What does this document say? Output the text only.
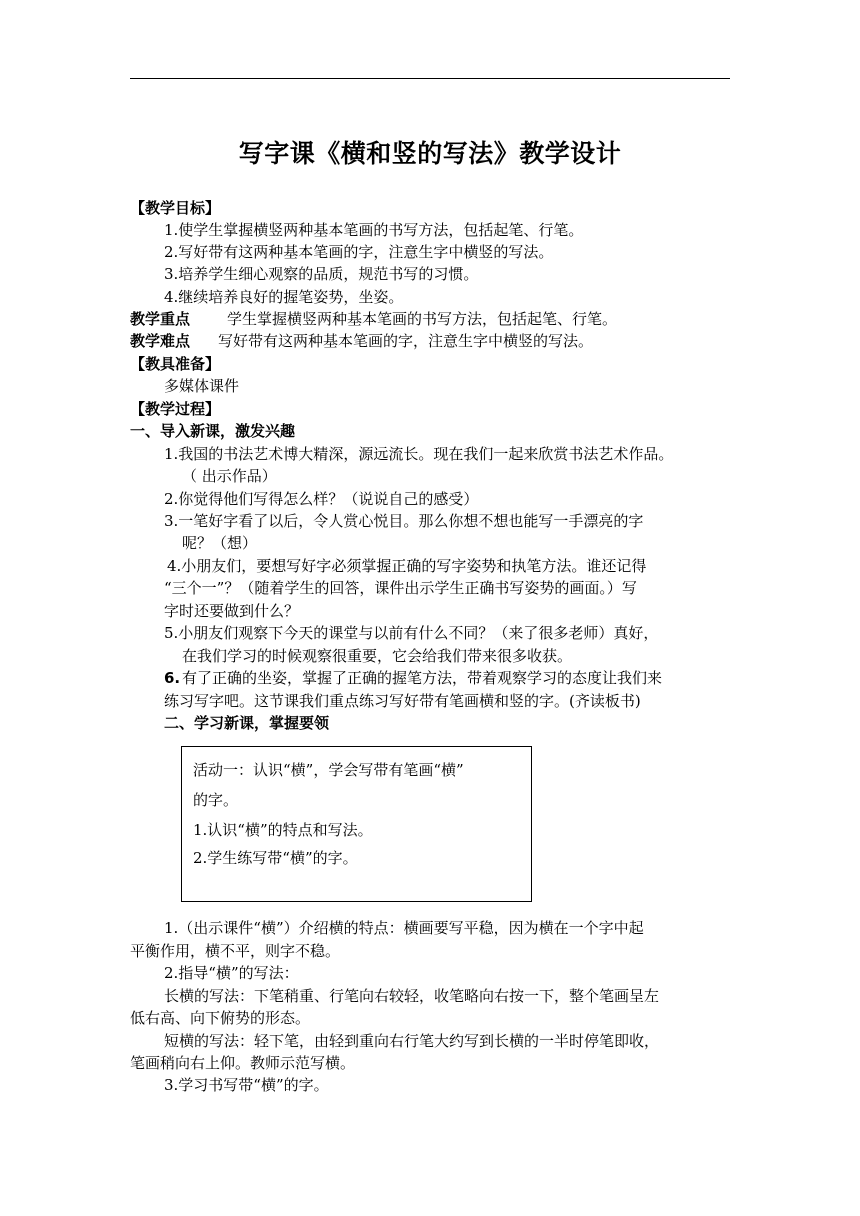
写字课《横和竖的写法》教学设计
【教学目标】
1.使学生掌握横竖两种基本笔画的书写方法，包括起笔、行笔。
2.写好带有这两种基本笔画的字，注意生字中横竖的写法。
3.培养学生细心观察的品质，规范书写的习惯。
4.继续培养良好的握笔姿势，坐姿。
教学重点 学生掌握横竖两种基本笔画的书写方法，包括起笔、行笔。
教学难点 写好带有这两种基本笔画的字，注意生字中横竖的写法。
【教具准备】
多媒体课件
【教学过程】
一、导入新课，激发兴趣
1.我国的书法艺术博大精深，源远流长。现在我们一起来欣赏书法艺术作品。
（ 出示作品）
2.你觉得他们写得怎么样？（说说自己的感受）
3.一笔好字看了以后，令人赏心悦目。那么你想不想也能写一手漂亮的字
呢？（想）
4.小朋友们，要想写好字必须掌握正确的写字姿势和执笔方法。谁还记得
“三个一”？（随着学生的回答，课件出示学生正确书写姿势的画面。）写
字时还要做到什么？
5.小朋友们观察下今天的课堂与以前有什么不同？（来了很多老师）真好，
在我们学习的时候观察很重要，它会给我们带来很多收获。
6. 有了正确的坐姿，掌握了正确的握笔方法，带着观察学习的态度让我们来
练习写字吧。这节课我们重点练习写好带有笔画横和竖的字。(齐读板书)
二、学习新课，掌握要领
活动一：认识“横”，学会写带有笔画“横”
的字。
1.认识“横”的特点和写法。
2.学生练写带“横”的字。
1.（出示课件“横”）介绍横的特点：横画要写平稳，因为横在一个字中起
平衡作用，横不平，则字不稳。
2.指导“横”的写法：
长横的写法：下笔稍重、行笔向右较轻，收笔略向右按一下，整个笔画呈左
低右高、向下俯势的形态。
短横的写法：轻下笔，由轻到重向右行笔大约写到长横的一半时停笔即收，
笔画稍向右上仰。教师示范写横。
3.学习书写带“横”的字。
